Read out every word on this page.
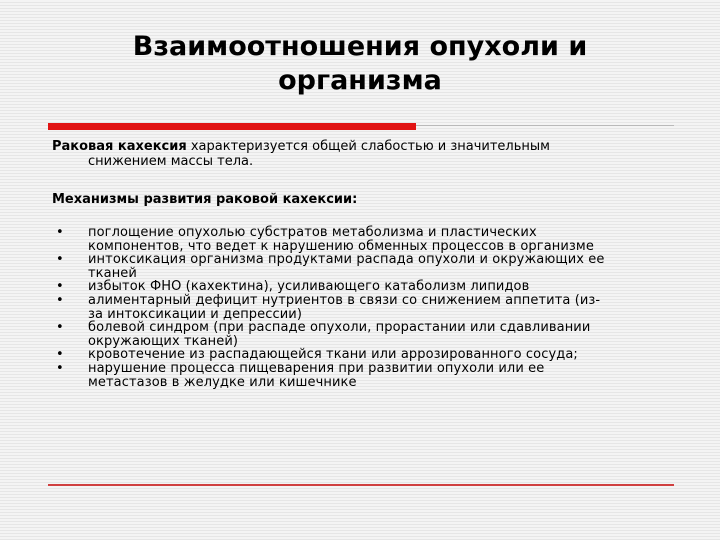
Взаимоотношения опухоли и
организма
Раковая кахексия характеризуется общей слабостью и значительным
снижением массы тела.
Механизмы развития раковой кахексии:
• поглощение опухолью субстратов метаболизма и пластических
компонентов, что ведет к нарушению обменных процессов в организме
• интоксикация организма продуктами распада опухоли и окружающих ее
тканей
• избыток ФНО (кахектина), усиливающего катаболизм липидов
• алиментарный дефицит нутриентов в связи со снижением аппетита (из-
за интоксикации и депрессии)
• болевой синдром (при распаде опухоли, прорастании или сдавливании
окружающих тканей)
• кровотечение из распадающейся ткани или аррозированного сосуда;
• нарушение процесса пищеварения при развитии опухоли или ее
метастазов в желудке или кишечнике
